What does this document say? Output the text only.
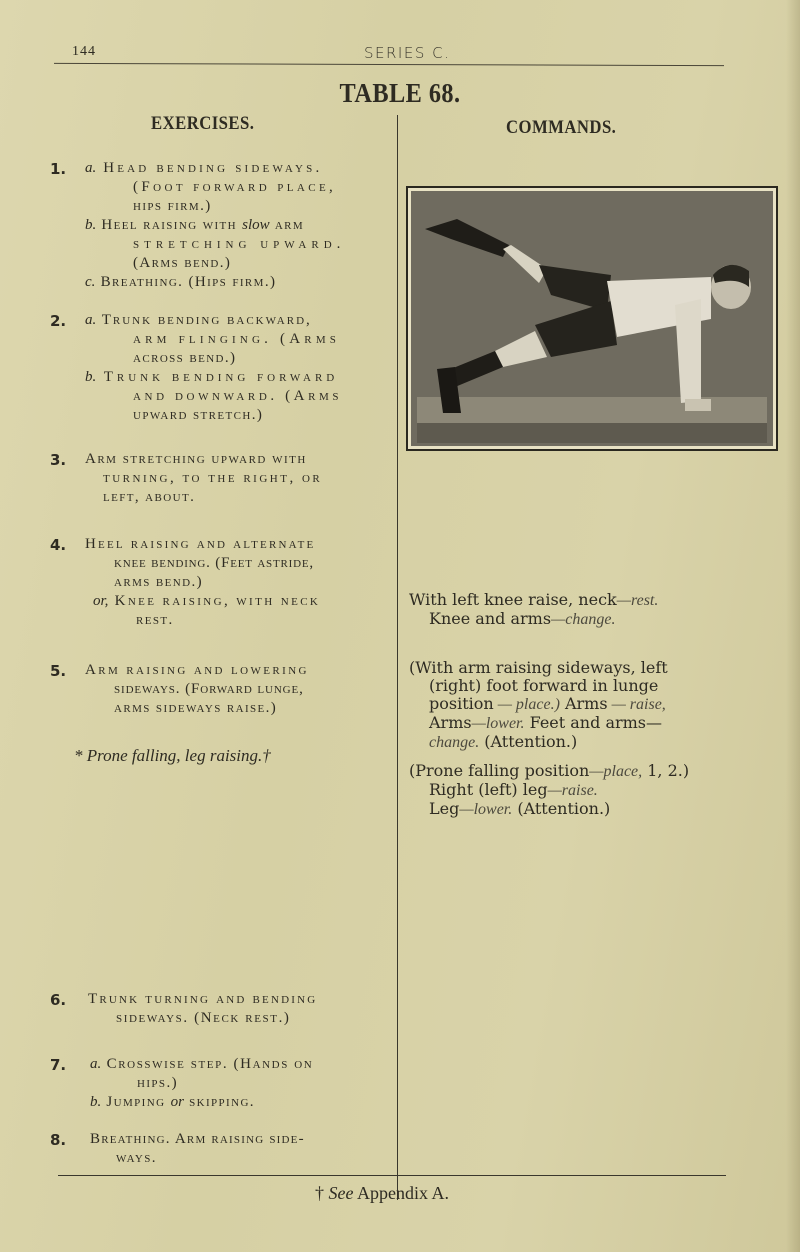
144	SERIES C.
TABLE 68.
EXERCISES.	COMMANDS.
1. a. Head bending sideways.
(Foot forward place,
hips firm.)
b. Heel raising with slow arm
stretching upward.
(Arms bend.)
c. Breathing. (Hips firm.)
2. a. Trunk bending backward,
arm flinging. (Arms
across bend.)
b. Trunk bending forward
and downward. (Arms
upward stretch.)
3. Arm stretching upward with
turning, to the right, or
left, about.
4. Heel raising and alternate
knee bending. (Feet astride,
arms bend.)
or, Knee raising, with neck
rest.
5. Arm raising and lowering
sideways. (Forward lunge,
arms sideways raise.)
6. Trunk turning and bending
sideways. (Neck rest.)
7. a. Crosswise step. (Hands on
hips.)
b. Jumping or skipping.
8. Breathing. Arm raising side-
ways.
* Prone falling, leg raising.†
With left knee raise, neck—rest.
Knee and arms—change.
(With arm raising sideways, left
(right) foot forward in lunge
position — place.) Arms — raise,
Arms—lower. Feet and arms—
change. (Attention.)
(Prone falling position—place, 1, 2.)
Right (left) leg—raise.
Leg—lower. (Attention.)
† See Appendix A.
